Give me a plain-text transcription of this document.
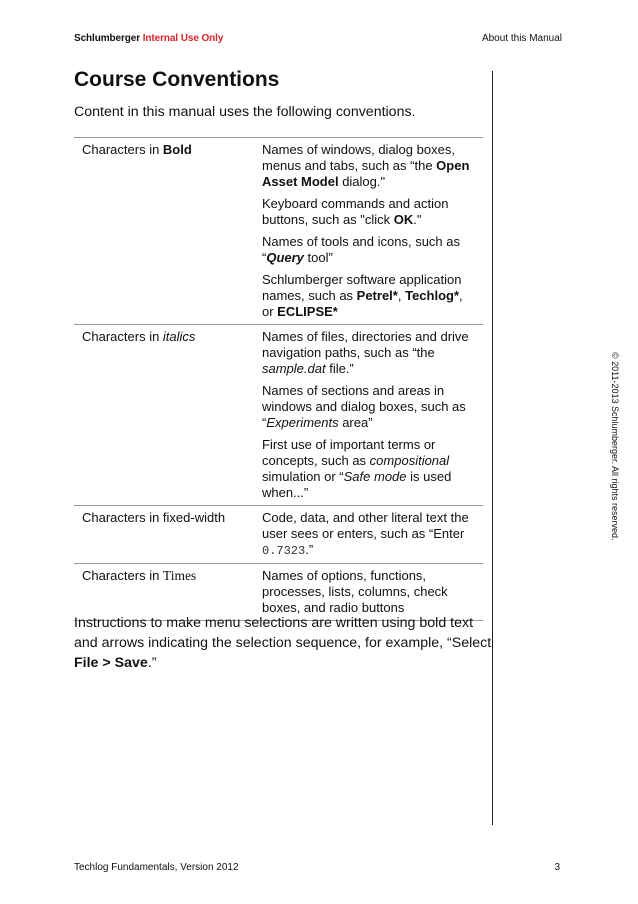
Schlumberger Internal Use Only	About this Manual
Course Conventions

Content in this manual uses the following conventions.

© 2011-2013 Schlumberger. All rights reserved.
Characters in Bold	Names of windows, dialog boxes, menus and tabs, such as “the Open Asset Model dialog."

Keyboard commands and action buttons, such as "click OK."

Names of tools and icons, such as “Query tool”

Schlumberger software application names, such as Petrel*, Techlog*, or ECLIPSE*

Characters in italics	Names of files, directories and drive navigation paths, such as “the sample.dat file.”

Names of sections and areas in windows and dialog boxes, such as “Experiments area”

First use of important terms or concepts, such as compositional simulation or “Safe mode is used when...”

Characters in fixed-width	Code, data, and other literal text the user sees or enters, such as “Enter 0.7323.”

Characters in Times	Names of options, functions, processes, lists, columns, check boxes, and radio buttons

Instructions to make menu selections are written using bold text and arrows indicating the selection sequence, for example, “Select File > Save.”

Techlog Fundamentals, Version 2012	3
